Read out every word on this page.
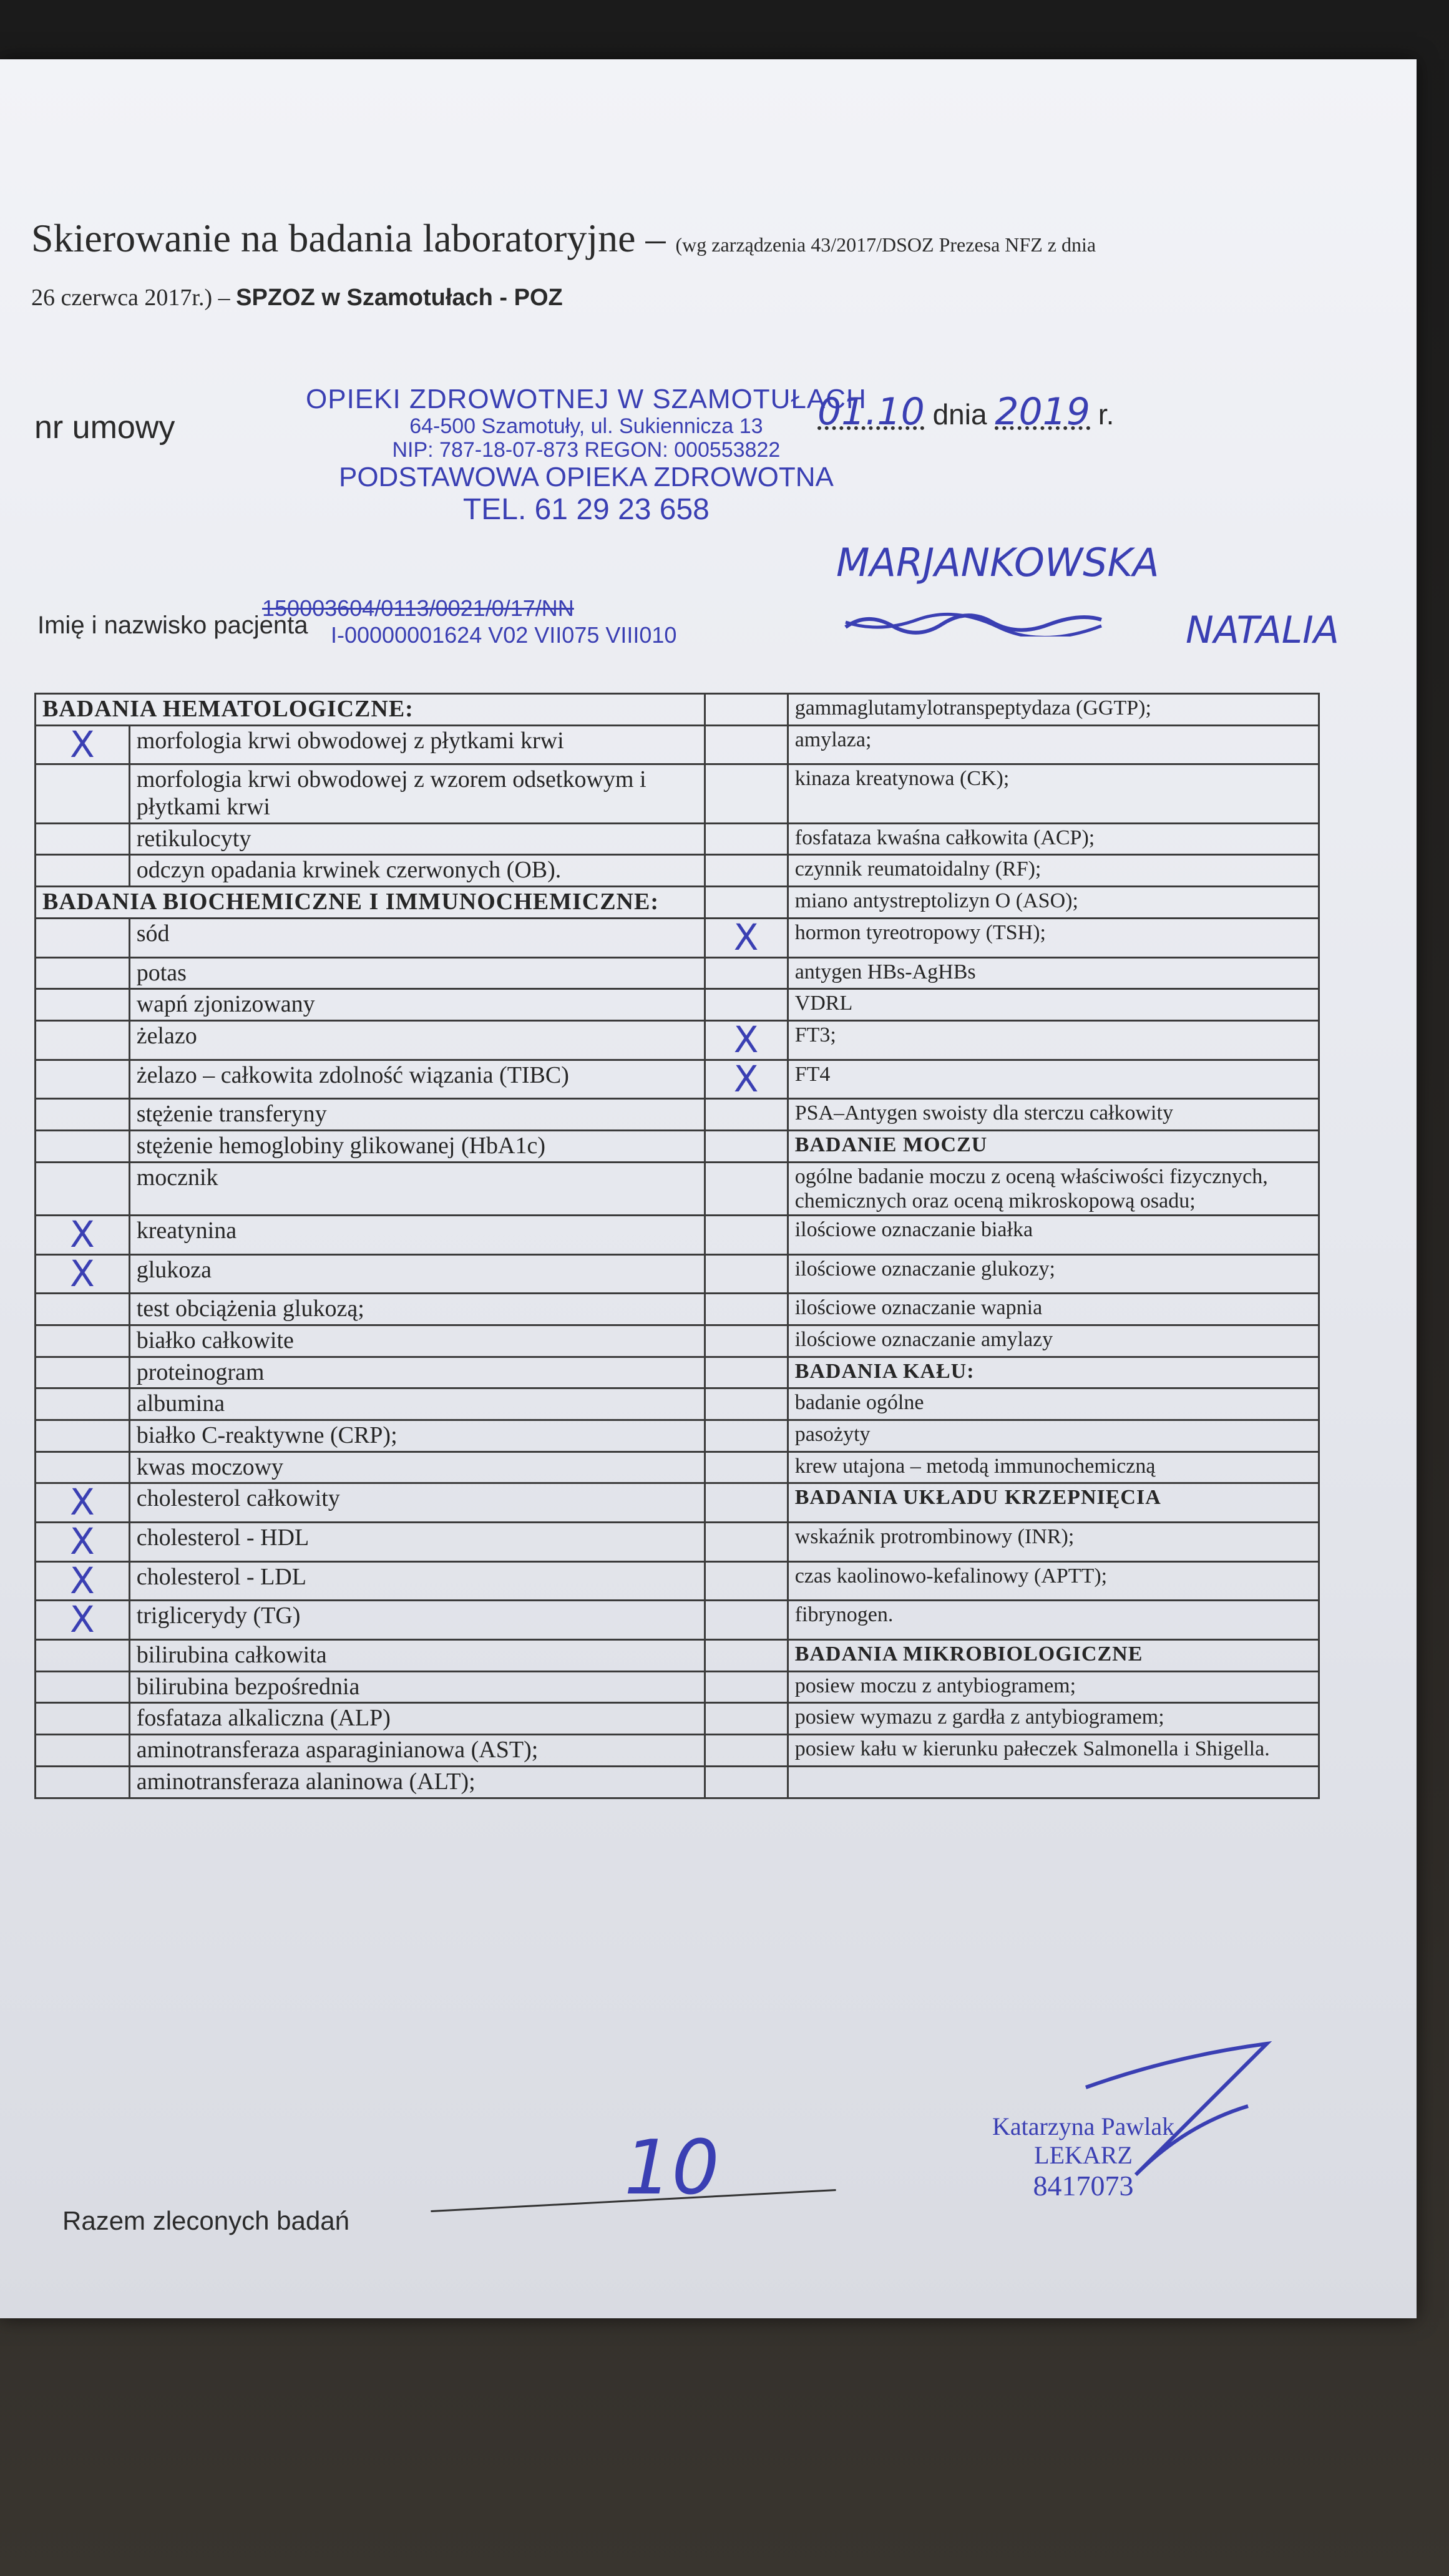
Skierowanie na badania laboratoryjne – (wg zarządzenia 43/2017/DSOZ Prezesa NFZ z dnia
26 czerwca 2017r.) – SPZOZ w Szamotułach - POZ
nr umowy	01.10 dnia 2019 r.
OPIEKI ZDROWOTNEJ W SZAMOTUŁACH
64-500 Szamotuły, ul. Sukiennicza 13
NIP: 787-18-07-873 REGON: 000553822
PODSTAWOWA OPIEKA ZDROWOTNA
TEL. 61 29 23 658
MARJANKOWSKA
NATALIA
Imię i nazwisko pacjenta
150003604/0113/0021/0/17/NN
I-00000001624 V02 VII075 VIII010
BADANIA HEMATOLOGICZNE:			gammaglutamylotranspeptydaza (GGTP);
X	morfologia krwi obwodowej z płytkami krwi		amylaza;
	morfologia krwi obwodowej z wzorem odsetkowym i płytkami krwi		kinaza kreatynowa (CK);
	retikulocyty		fosfataza kwaśna całkowita (ACP);
	odczyn opadania krwinek czerwonych (OB).		czynnik reumatoidalny (RF);
BADANIA BIOCHEMICZNE I IMMUNOCHEMICZNE:			miano antystreptolizyn O (ASO);
	sód	X	hormon tyreotropowy (TSH);
	potas		antygen HBs-AgHBs
	wapń zjonizowany		VDRL
	żelazo	X	FT3;
	żelazo – całkowita zdolność wiązania (TIBC)	X	FT4
	stężenie transferyny		PSA–Antygen swoisty dla sterczu całkowity
	stężenie hemoglobiny glikowanej (HbA1c)		BADANIE MOCZU
	mocznik		ogólne badanie moczu z oceną właściwości fizycznych, chemicznych oraz oceną mikroskopową osadu;
X	kreatynina		ilościowe oznaczanie białka
X	glukoza		ilościowe oznaczanie glukozy;
	test obciążenia glukozą;		ilościowe oznaczanie wapnia
	białko całkowite		ilościowe oznaczanie amylazy
	proteinogram		BADANIA KAŁU:
	albumina		badanie ogólne
	białko C-reaktywne (CRP);		pasożyty
	kwas moczowy		krew utajona – metodą immunochemiczną
X	cholesterol całkowity		BADANIA UKŁADU KRZEPNIĘCIA
X	cholesterol - HDL		wskaźnik protrombinowy (INR);
X	cholesterol - LDL		czas kaolinowo-kefalinowy (APTT);
X	triglicerydy (TG)		fibrynogen.
	bilirubina całkowita		BADANIA MIKROBIOLOGICZNE
	bilirubina bezpośrednia		posiew moczu z antybiogramem;
	fosfataza alkaliczna (ALP)		posiew wymazu z gardła z antybiogramem;
	aminotransferaza asparaginianowa (AST);		posiew kału w kierunku pałeczek Salmonella i Shigella.
	aminotransferaza alaninowa (ALT);		
Razem zleconych badań
10	Katarzyna Pawlak
LEKARZ
8417073
